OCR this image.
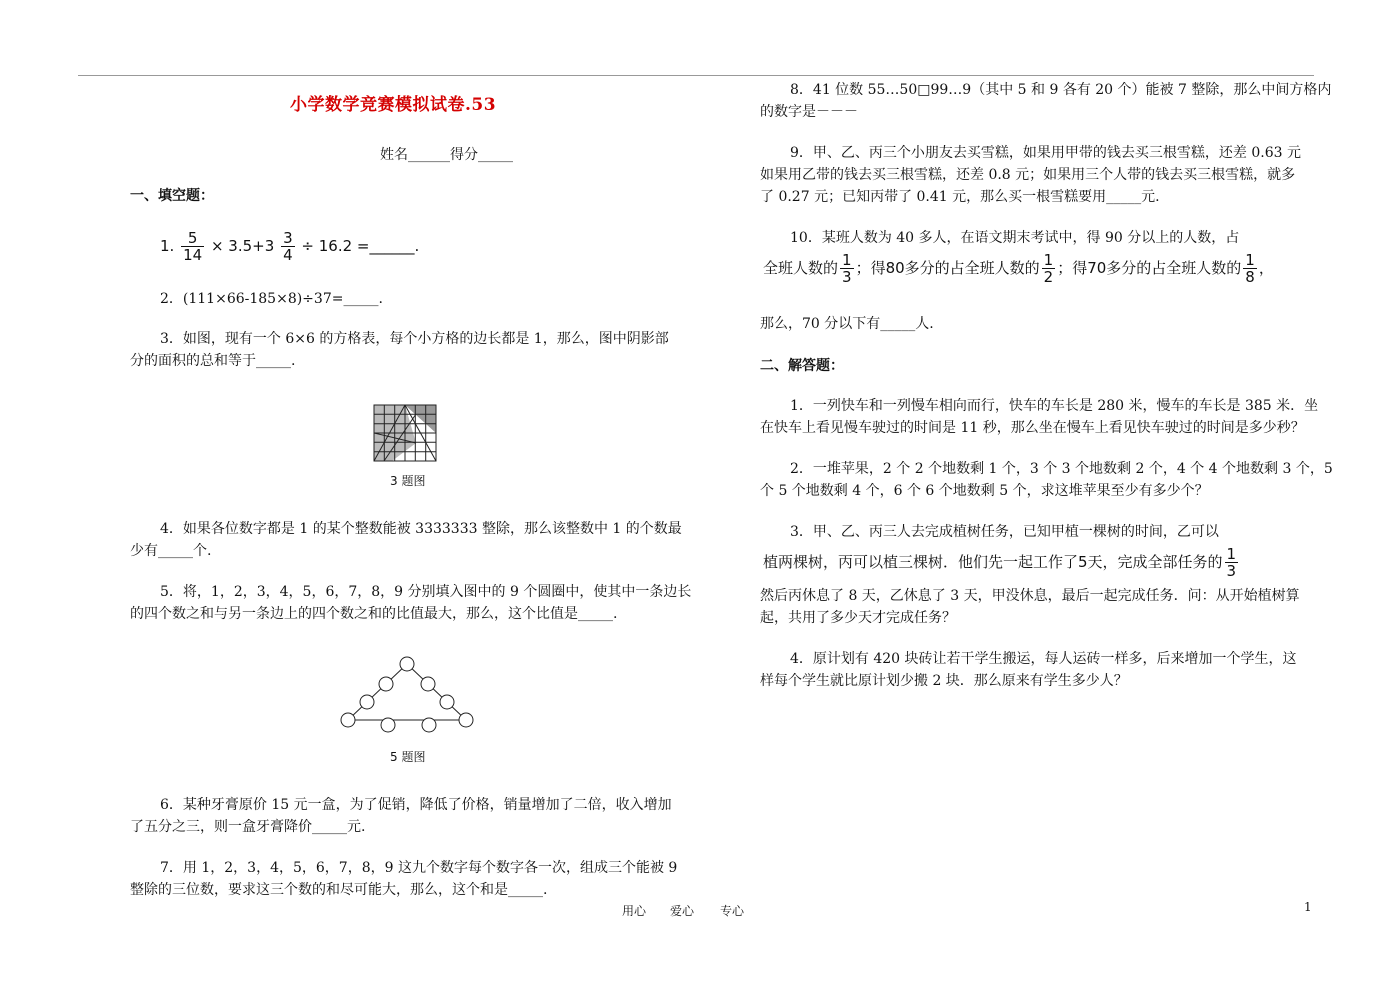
小学数学竞赛模拟试卷.53
姓名______得分_____
一、填空题：
1. $\frac{5}{14} \times 3.5+3 \frac{3}{4} \div 16.2$ =______.
2．(111×66-185×8)÷37=_____.
3．如图，现有一个 6×6 的方格表，每个小方格的边长都是 1，那么，图中阴影部
分的面积的总和等于_____.
3 题图
4．如果各位数字都是 1 的某个整数能被 3333333 整除，那么该整数中 1 的个数最
少有_____个.
5．将，1，2，3，4，5，6，7，8，9 分别填入图中的 9 个圆圈中，使其中一条边长
的四个数之和与另一条边上的四个数之和的比值最大，那么，这个比值是_____.
5 题图
6．某种牙膏原价 15 元一盒，为了促销，降低了价格，销量增加了二倍，收入增加
了五分之三，则一盒牙膏降价_____元.
7．用 1，2，3，4，5，6，7，8，9 这九个数字每个数字各一次，组成三个能被 9
整除的三位数，要求这三个数的和尽可能大，那么，这个和是_____.
8．41 位数 55…50□99…9（其中 5 和 9 各有 20 个）能被 7 整除，那么中间方格内
的数字是－－－
9．甲、乙、丙三个小朋友去买雪糕，如果用甲带的钱去买三根雪糕，还差 0.63 元
如果用乙带的钱去买三根雪糕，还差 0.8 元；如果用三个人带的钱去买三根雪糕，就多
了 0.27 元；已知丙带了 0.41 元，那么买一根雪糕要用_____元.
10．某班人数为 40 多人，在语文期末考试中，得 90 分以上的人数，占
全班人数的 $\frac{1}{3}$ ；得80多分的占全班人数的 $\frac{1}{2}$ ；得70多分的占全班人数的 $\frac{1}{8}$ ，
那么，70 分以下有_____人.
二、解答题：
1．一列快车和一列慢车相向而行，快车的车长是 280 米，慢车的车长是 385 米．坐
在快车上看见慢车驶过的时间是 11 秒，那么坐在慢车上看见快车驶过的时间是多少秒？
2．一堆苹果，2 个 2 个地数剩 1 个，3 个 3 个地数剩 2 个，4 个 4 个地数剩 3 个，5
个 5 个地数剩 4 个，6 个 6 个地数剩 5 个，求这堆苹果至少有多少个？
3．甲、乙、丙三人去完成植树任务，已知甲植一棵树的时间，乙可以
植两棵树，丙可以植三棵树．他们先一起工作了5天，完成全部任务的 $\frac{1}{3}$
然后丙休息了 8 天，乙休息了 3 天，甲没休息，最后一起完成任务．问：从开始植树算
起，共用了多少天才完成任务？
4．原计划有 420 块砖让若干学生搬运，每人运砖一样多，后来增加一个学生，这
样每个学生就比原计划少搬 2 块．那么原来有学生多少人？
用心 爱心 专心	1
